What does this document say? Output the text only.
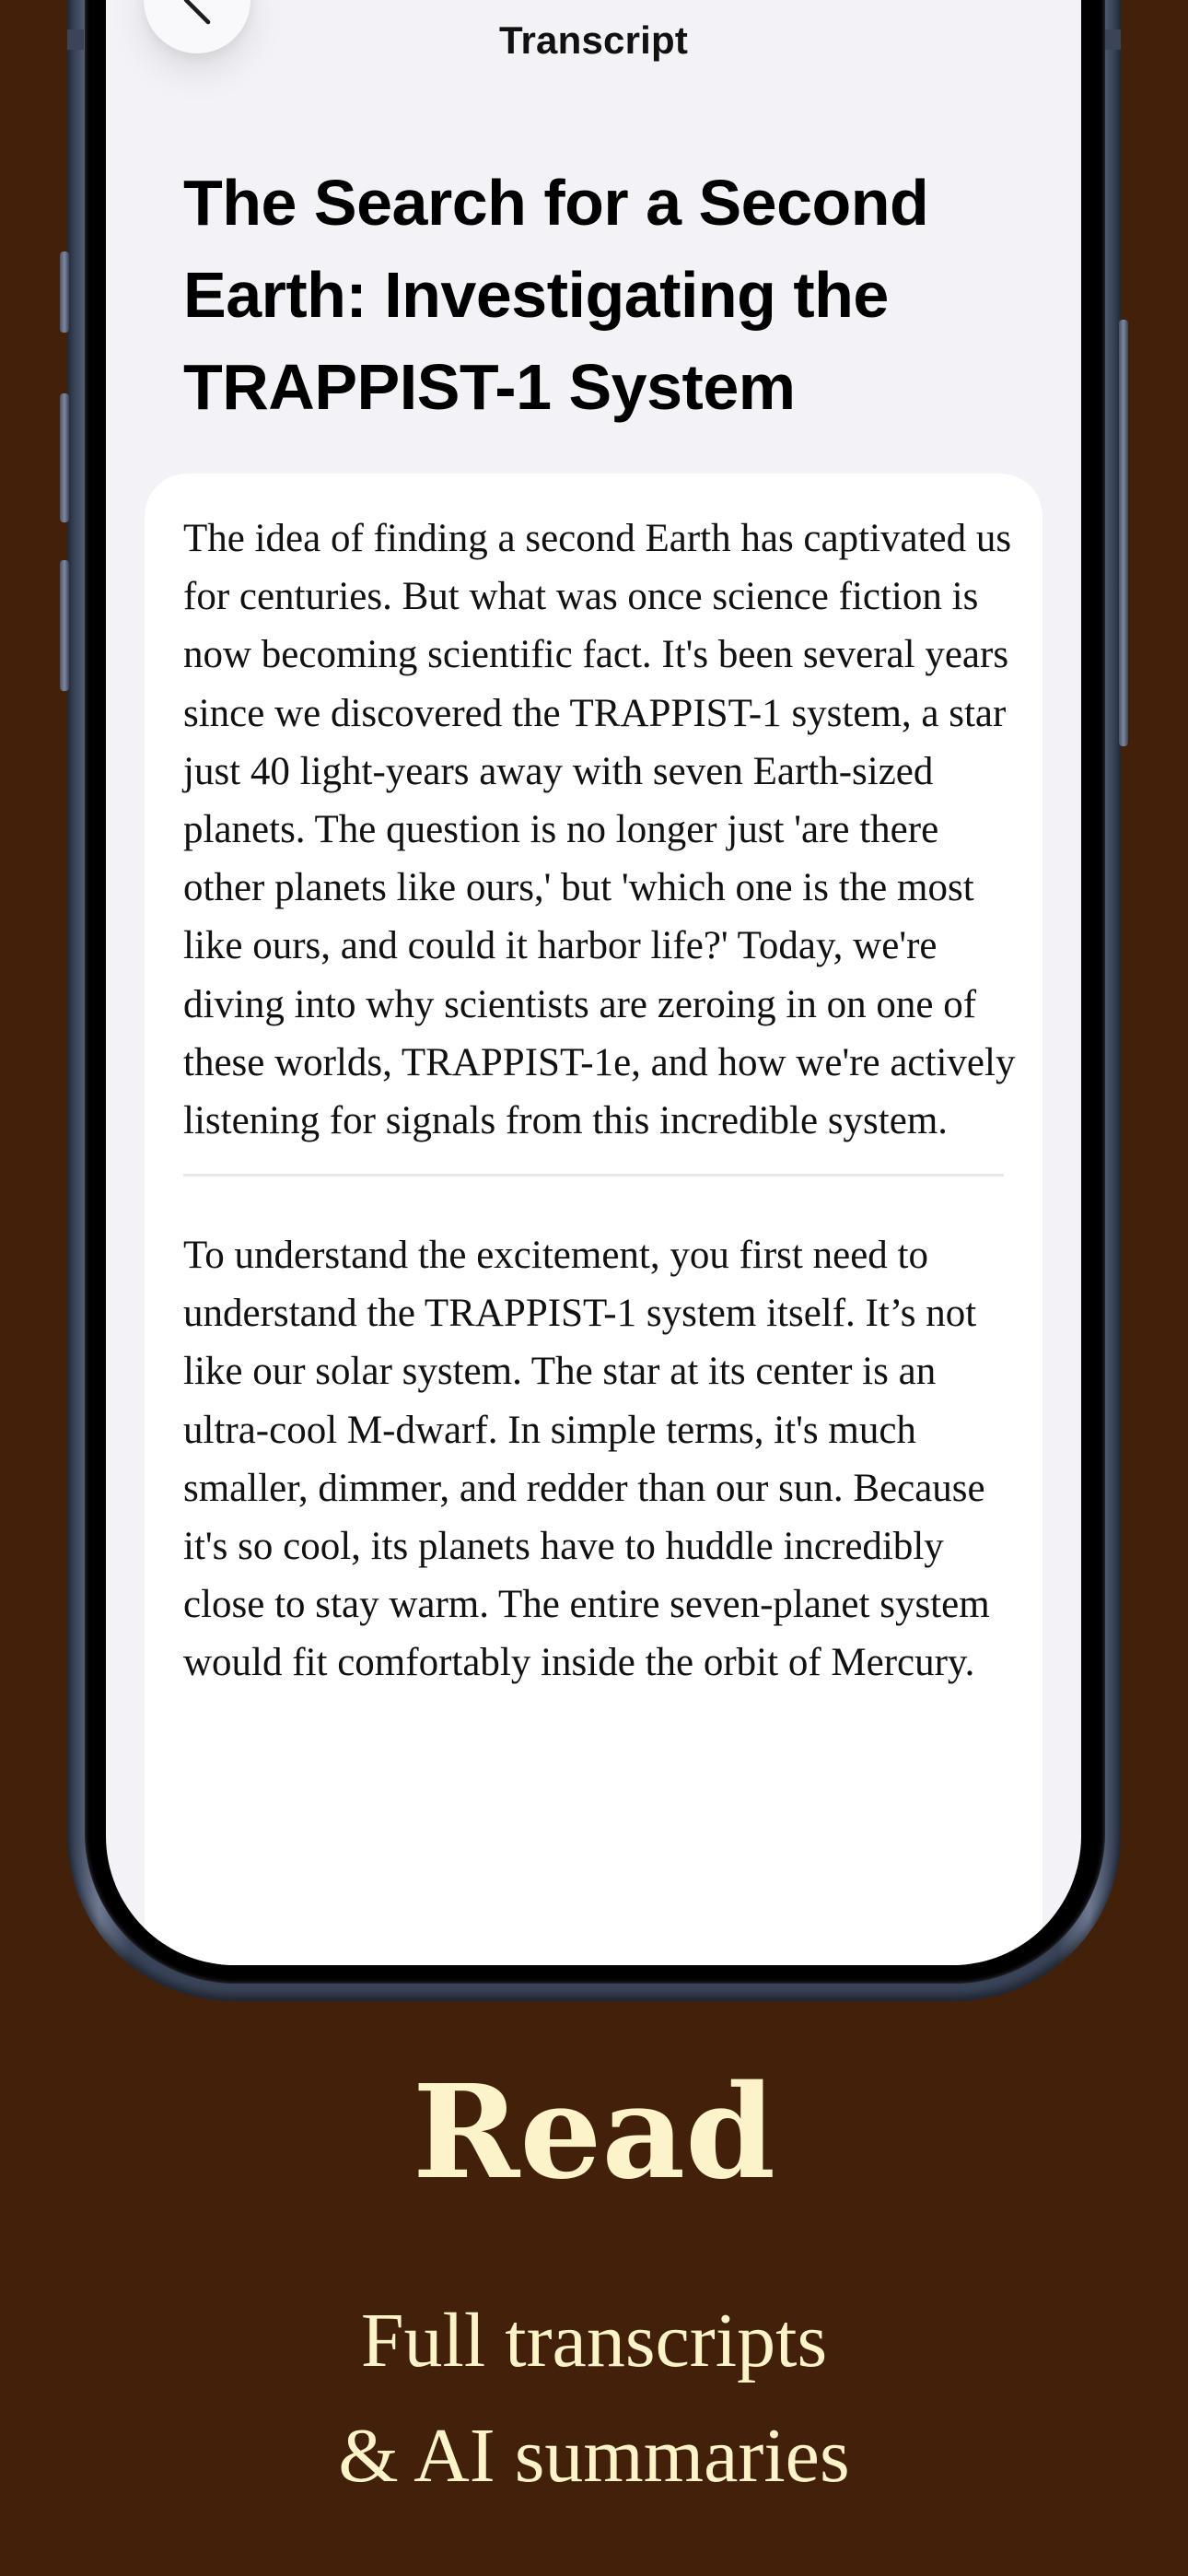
Transcript
The Search for a Second Earth: Investigating the TRAPPIST-1 System

The idea of finding a second Earth has captivated us for centuries. But what was once science fiction is now becoming scientific fact. It's been several years since we discovered the TRAPPIST-1 system, a star just 40 light-years away with seven Earth-sized planets. The question is no longer just 'are there other planets like ours,' but 'which one is the most like ours, and could it harbor life?' Today, we're diving into why scientists are zeroing in on one of these worlds, TRAPPIST-1e, and how we're actively listening for signals from this incredible system.

To understand the excitement, you first need to understand the TRAPPIST-1 system itself. It’s not like our solar system. The star at its center is an ultra-cool M-dwarf. In simple terms, it's much smaller, dimmer, and redder than our sun. Because it's so cool, its planets have to huddle incredibly close to stay warm. The entire seven-planet system would fit comfortably inside the orbit of Mercury.

Read

Full transcripts
& AI summaries
